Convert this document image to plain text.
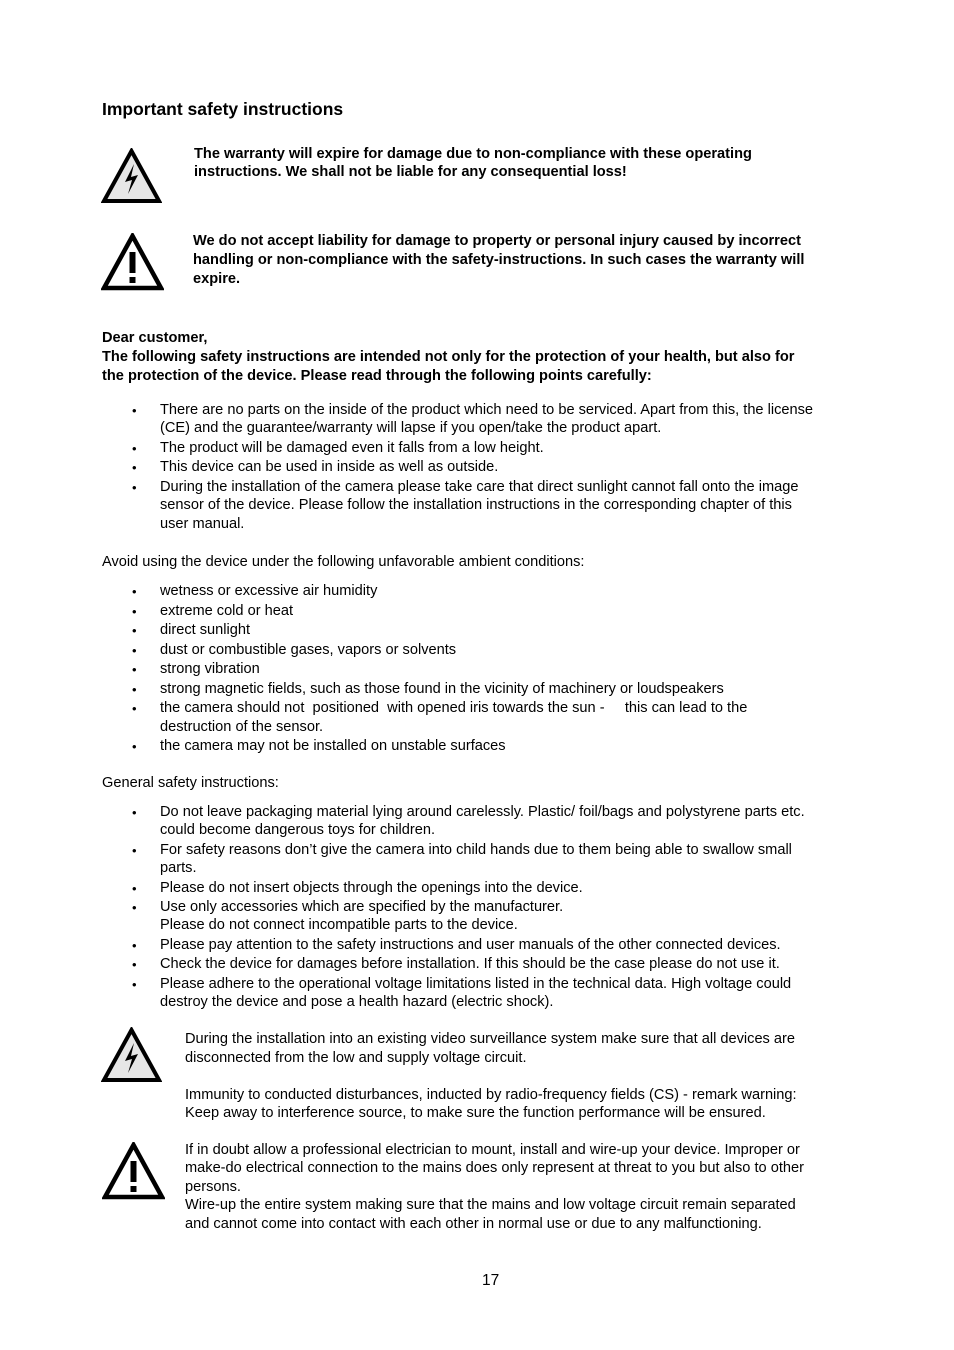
Important safety instructions
The warranty will expire for damage due to non-compliance with these operating
instructions. We shall not be liable for any consequential loss!
We do not accept liability for damage to property or personal injury caused by incorrect
handling or non-compliance with the safety-instructions. In such cases the warranty will
expire.
Dear customer,
The following safety instructions are intended not only for the protection of your health, but also for
the protection of the device. Please read through the following points carefully:
• There are no parts on the inside of the product which need to be serviced. Apart from this, the license
(CE) and the guarantee/warranty will lapse if you open/take the product apart.
• The product will be damaged even it falls from a low height.
• This device can be used in inside as well as outside.
• During the installation of the camera please take care that direct sunlight cannot fall onto the image
sensor of the device. Please follow the installation instructions in the corresponding chapter of this
user manual.
Avoid using the device under the following unfavorable ambient conditions:
• wetness or excessive air humidity
• extreme cold or heat
• direct sunlight
• dust or combustible gases, vapors or solvents
• strong vibration
• strong magnetic fields, such as those found in the vicinity of machinery or loudspeakers
• the camera should not  positioned  with opened iris towards the sun -     this can lead to the
destruction of the sensor.
• the camera may not be installed on unstable surfaces
General safety instructions:
• Do not leave packaging material lying around carelessly. Plastic/ foil/bags and polystyrene parts etc.
could become dangerous toys for children.
• For safety reasons don’t give the camera into child hands due to them being able to swallow small
parts.
• Please do not insert objects through the openings into the device.
• Use only accessories which are specified by the manufacturer.
Please do not connect incompatible parts to the device.
• Please pay attention to the safety instructions and user manuals of the other connected devices.
• Check the device for damages before installation. If this should be the case please do not use it.
• Please adhere to the operational voltage limitations listed in the technical data. High voltage could
destroy the device and pose a health hazard (electric shock).
During the installation into an existing video surveillance system make sure that all devices are
disconnected from the low and supply voltage circuit.
Immunity to conducted disturbances, inducted by radio-frequency fields (CS) - remark warning:
Keep away to interference source, to make sure the function performance will be ensured.
If in doubt allow a professional electrician to mount, install and wire-up your device. Improper or
make-do electrical connection to the mains does only represent at threat to you but also to other
persons.
Wire-up the entire system making sure that the mains and low voltage circuit remain separated
and cannot come into contact with each other in normal use or due to any malfunctioning.
17
